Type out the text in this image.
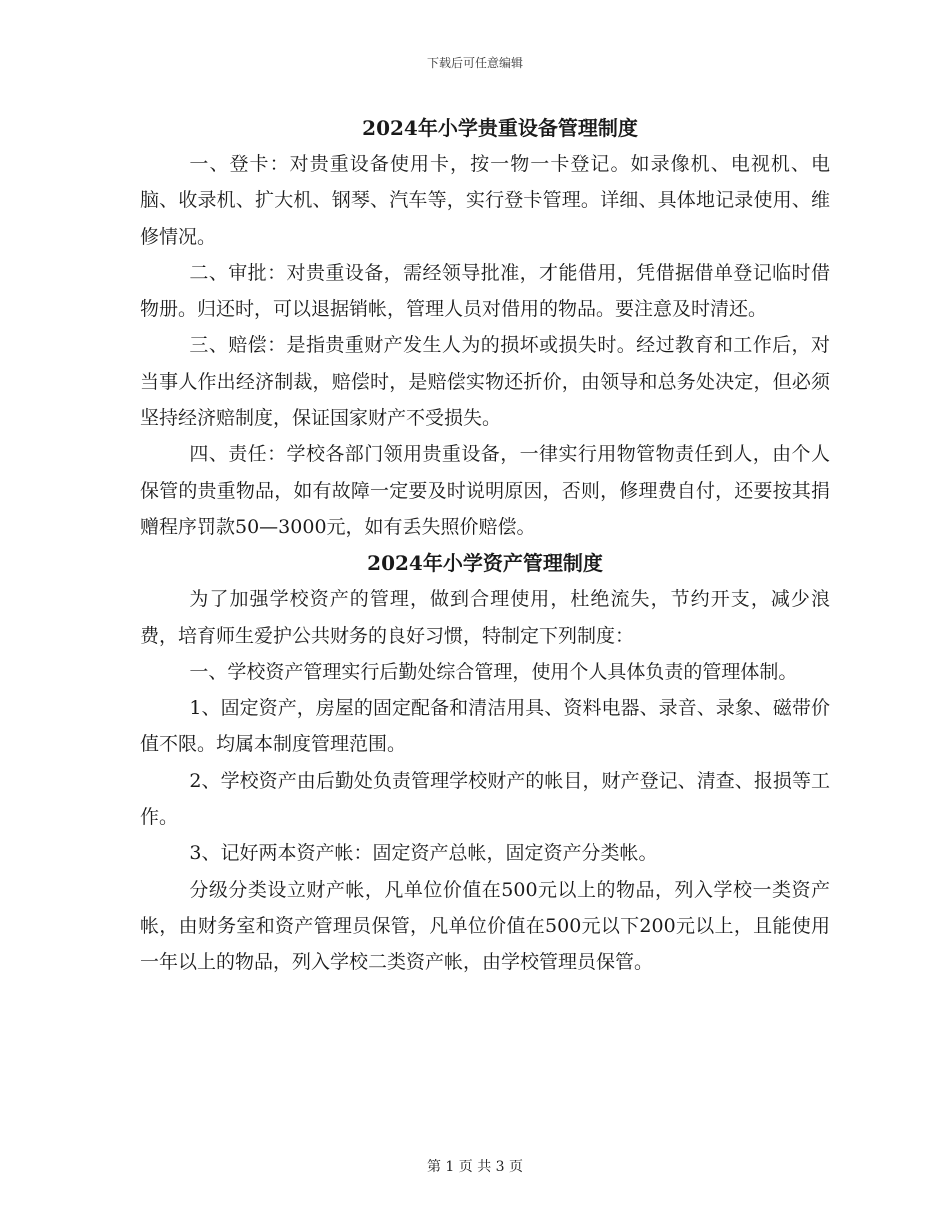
下载后可任意编辑
2024年小学贵重设备管理制度

一、登卡：对贵重设备使用卡，按一物一卡登记。如录像机、电视机、电脑、收录机、扩大机、钢琴、汽车等，实行登卡管理。详细、具体地记录使用、维修情况。

二、审批：对贵重设备，需经领导批准，才能借用，凭借据借单登记临时借物册。归还时，可以退据销帐，管理人员对借用的物品。要注意及时清还。

三、赔偿：是指贵重财产发生人为的损坏或损失时。经过教育和工作后，对当事人作出经济制裁，赔偿时，是赔偿实物还折价，由领导和总务处决定，但必须坚持经济赔制度，保证国家财产不受损失。

四、责任：学校各部门领用贵重设备，一律实行用物管物责任到人，由个人保管的贵重物品，如有故障一定要及时说明原因，否则，修理费自付，还要按其捐赠程序罚款50—3000元，如有丢失照价赔偿。

2024年小学资产管理制度

为了加强学校资产的管理，做到合理使用，杜绝流失，节约开支，减少浪费，培育师生爱护公共财务的良好习惯，特制定下列制度：

一、学校资产管理实行后勤处综合管理，使用个人具体负责的管理体制。

1、固定资产，房屋的固定配备和清洁用具、资料电器、录音、录象、磁带价值不限。均属本制度管理范围。

2、学校资产由后勤处负责管理学校财产的帐目，财产登记、清查、报损等工作。

3、记好两本资产帐：固定资产总帐，固定资产分类帐。

分级分类设立财产帐，凡单位价值在500元以上的物品，列入学校一类资产帐，由财务室和资产管理员保管，凡单位价值在500元以下200元以上，且能使用一年以上的物品，列入学校二类资产帐，由学校管理员保管。

第 1 页 共 3 页
